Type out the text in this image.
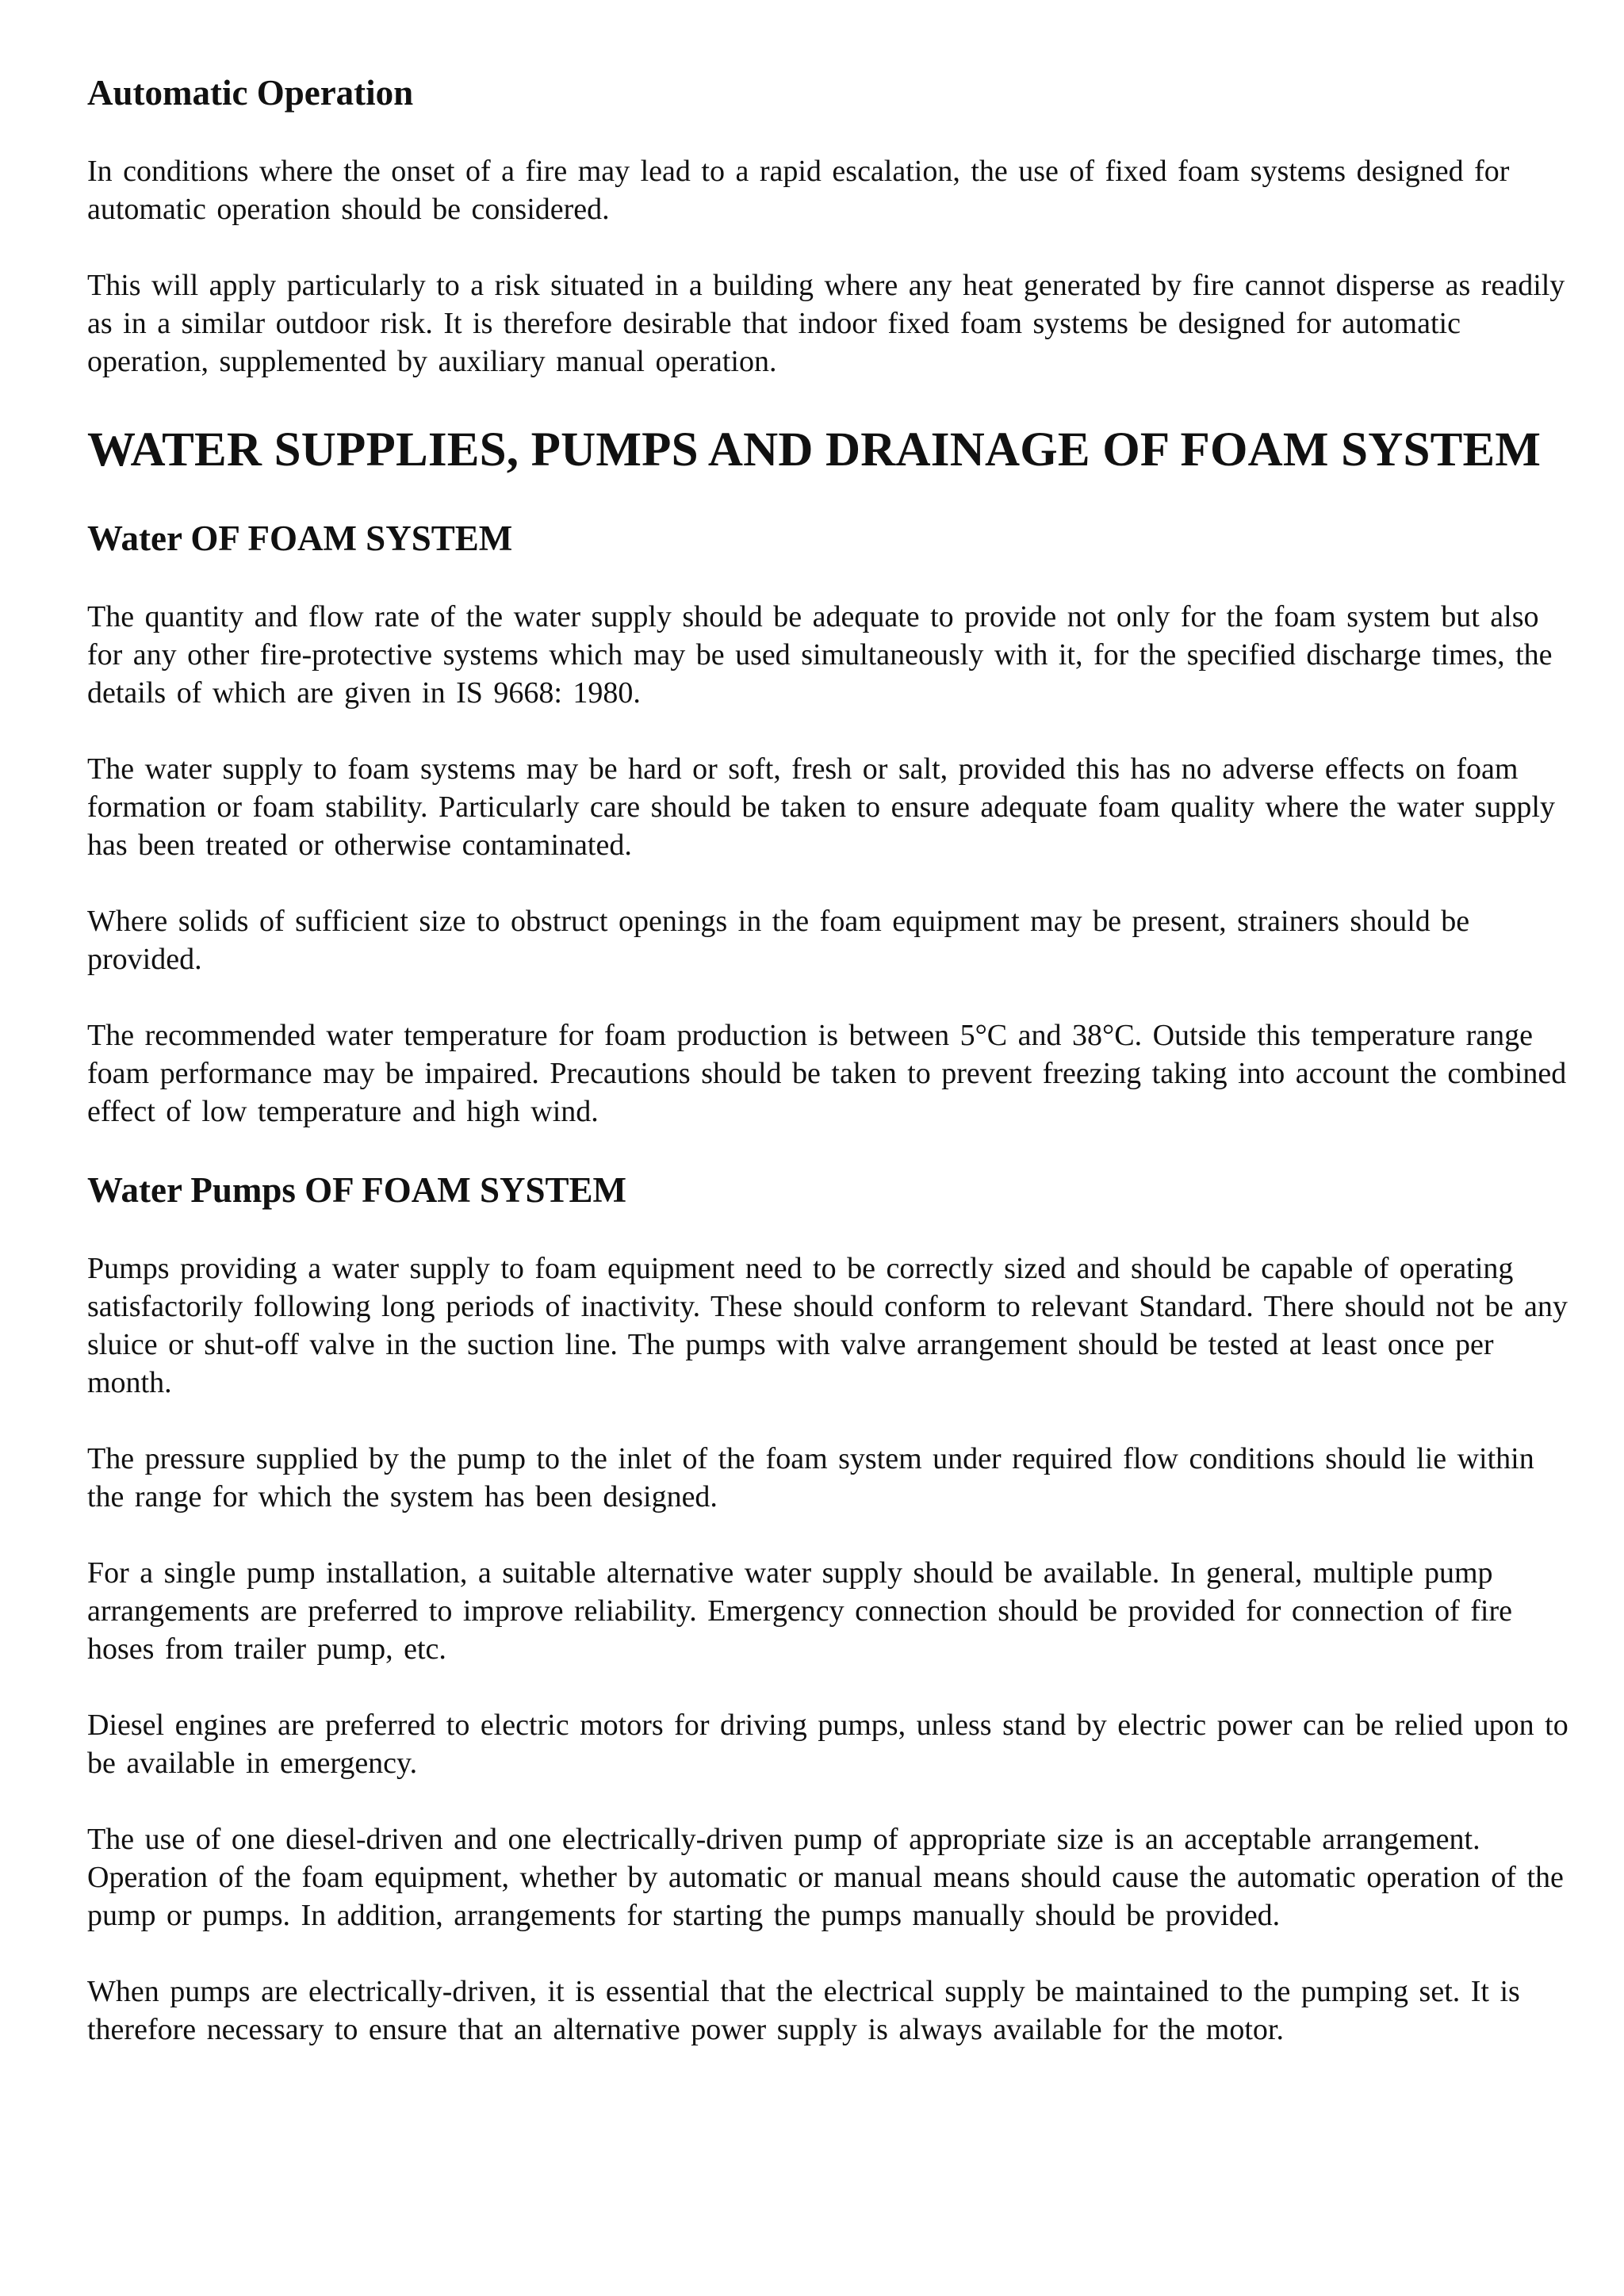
Automatic Operation

In conditions where the onset of a fire may lead to a rapid escalation, the use of fixed foam systems designed for automatic operation should be considered.

This will apply particularly to a risk situated in a building where any heat generated by fire cannot disperse as readily as in a similar outdoor risk. It is therefore desirable that indoor fixed foam systems be designed for automatic operation, supplemented by auxiliary manual operation.

WATER SUPPLIES, PUMPS AND DRAINAGE OF FOAM SYSTEM
Water OF FOAM SYSTEM

The quantity and flow rate of the water supply should be adequate to provide not only for the foam system but also for any other fire-protective systems which may be used simultaneously with it, for the specified discharge times, the details of which are given in IS 9668: 1980.

The water supply to foam systems may be hard or soft, fresh or salt, provided this has no adverse effects on foam formation or foam stability. Particularly care should be taken to ensure adequate foam quality where the water supply has been treated or otherwise contaminated.

Where solids of sufficient size to obstruct openings in the foam equipment may be present, strainers should be provided.

The recommended water temperature for foam production is between 5°C and 38°C. Outside this temperature range foam performance may be impaired. Precautions should be taken to prevent freezing taking into account the combined effect of low temperature and high wind.

Water Pumps OF FOAM SYSTEM

Pumps providing a water supply to foam equipment need to be correctly sized and should be capable of operating satisfactorily following long periods of inactivity. These should conform to relevant Standard. There should not be any sluice or shut-off valve in the suction line. The pumps with valve arrangement should be tested at least once per month.

The pressure supplied by the pump to the inlet of the foam system under required flow conditions should lie within the range for which the system has been designed.

For a single pump installation, a suitable alternative water supply should be available. In general, multiple pump arrangements are preferred to improve reliability. Emergency connection should be provided for connection of fire hoses from trailer pump, etc.

Diesel engines are preferred to electric motors for driving pumps, unless stand by electric power can be relied upon to be available in emergency.

The use of one diesel-driven and one electrically-driven pump of appropriate size is an acceptable arrangement. Operation of the foam equipment, whether by automatic or manual means should cause the automatic operation of the pump or pumps. In addition, arrangements for starting the pumps manually should be provided.

When pumps are electrically-driven, it is essential that the electrical supply be maintained to the pumping set. It is therefore necessary to ensure that an alternative power supply is always available for the motor.
